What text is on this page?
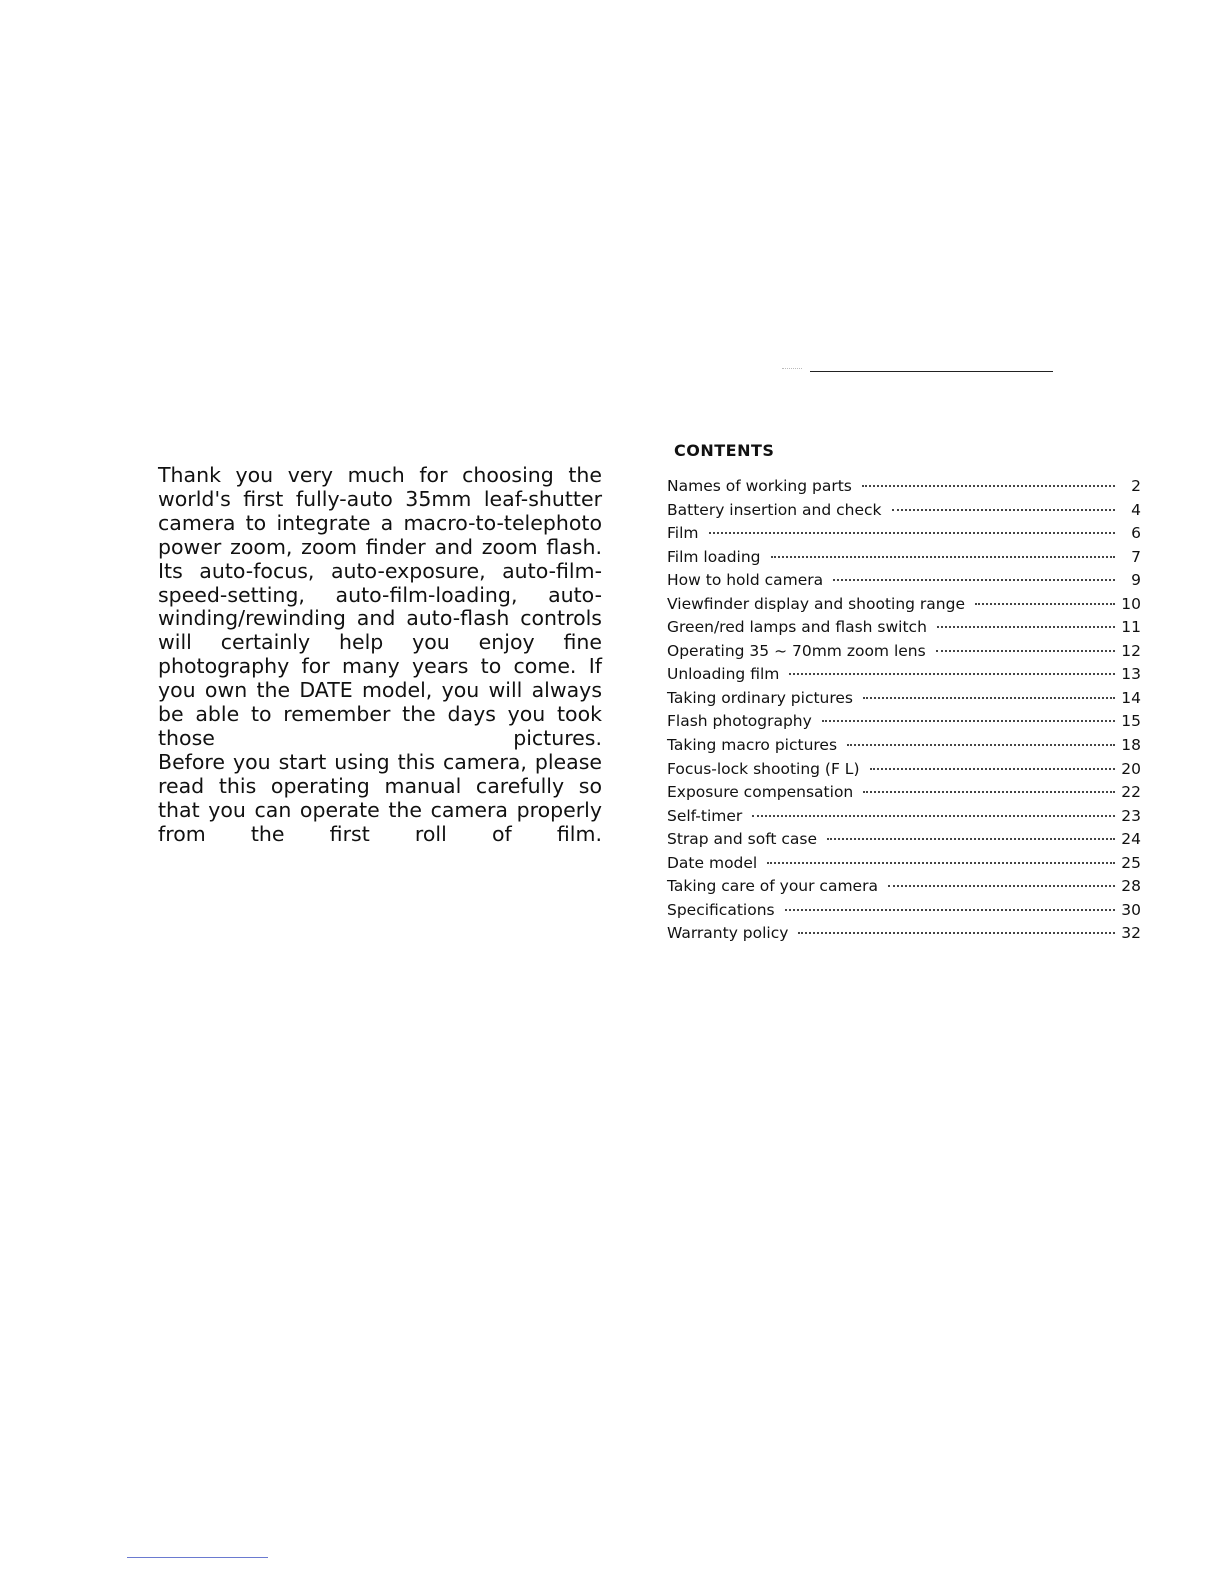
Thank you very much for choosing the world's first fully-auto 35mm leaf-shutter camera to integrate a macro-to-telephoto power zoom, zoom finder and zoom flash. Its auto-focus, auto-exposure, auto-film-speed-setting, auto-film-loading, auto-winding/rewinding and auto-flash controls will certainly help you enjoy fine photography for many years to come. If you own the DATE model, you will always be able to remember the days you took those pictures.

Before you start using this camera, please read this operating manual carefully so that you can operate the camera properly from the first roll of film.

CONTENTS
Names of working parts	2
Battery insertion and check	4
Film	6
Film loading	7
How to hold camera	9
Viewfinder display and shooting range	10
Green/red lamps and flash switch	11
Operating 35 ~ 70mm zoom lens	12
Unloading film	13
Taking ordinary pictures	14
Flash photography	15
Taking macro pictures	18
Focus-lock shooting (F L)	20
Exposure compensation	22
Self-timer	23
Strap and soft case	24
Date model	25
Taking care of your camera	28
Specifications	30
Warranty policy	32
